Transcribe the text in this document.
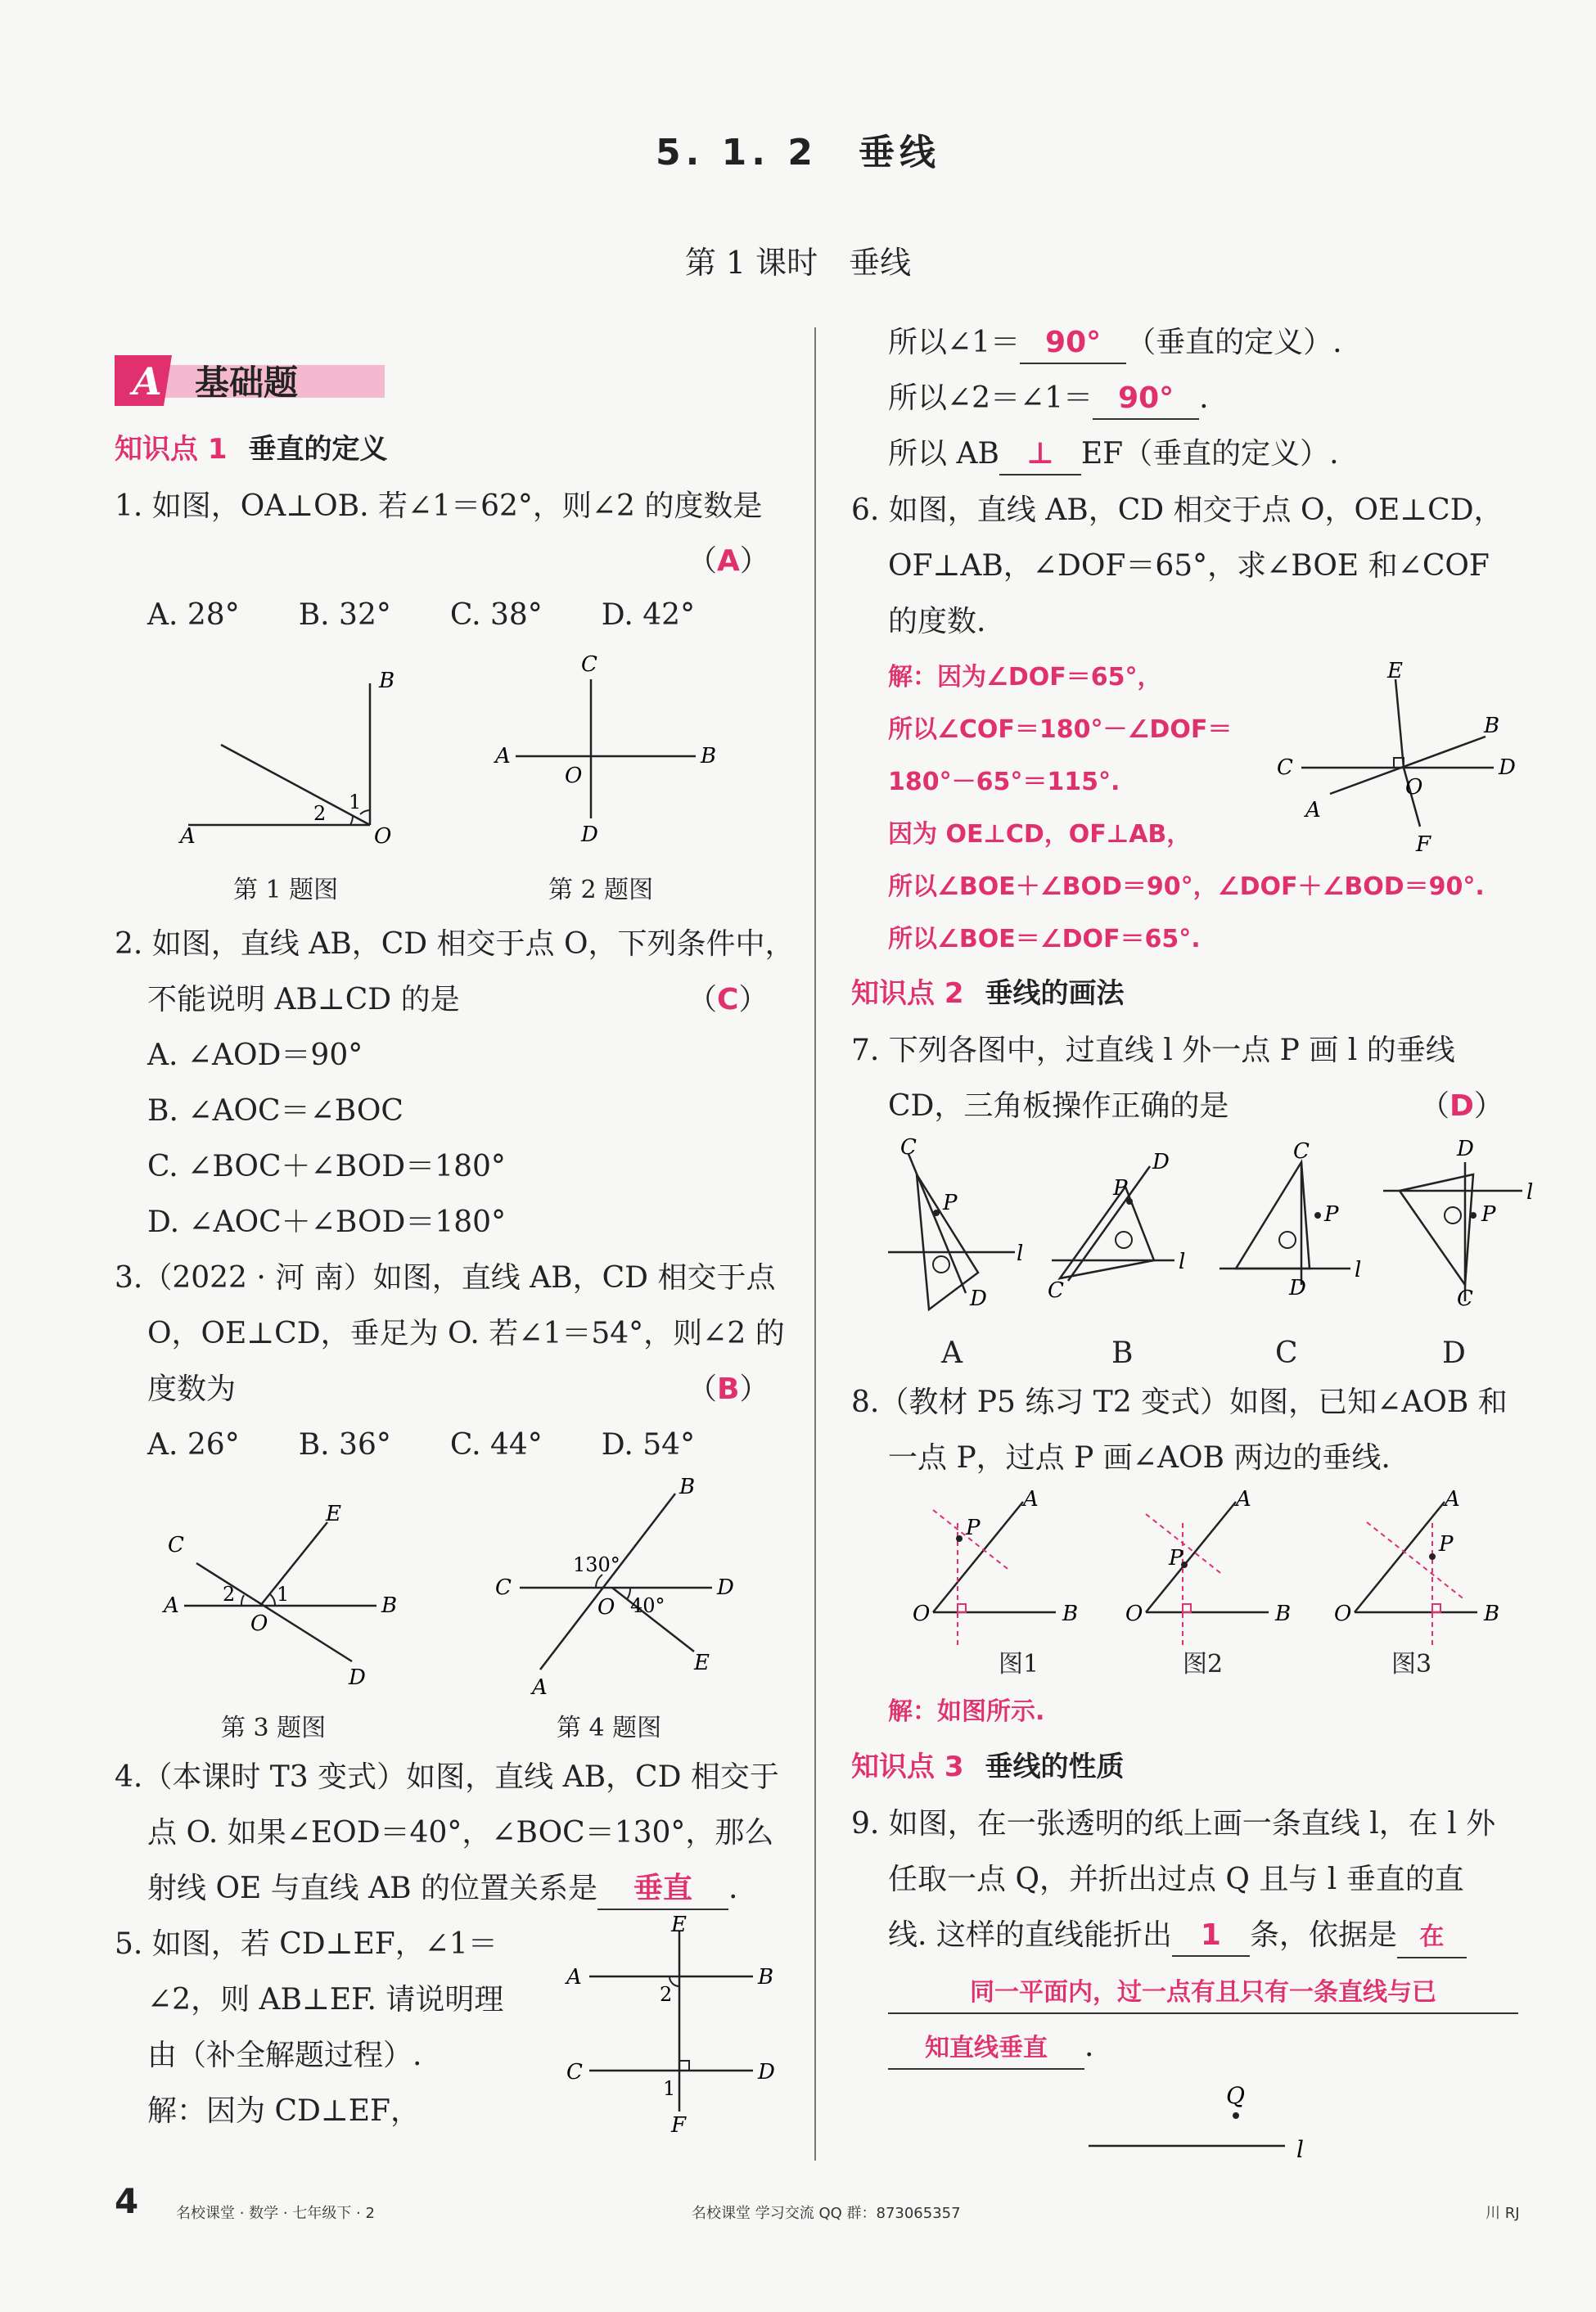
5. 1. 2　垂线
第 1 课时　垂线
A 基础题
知识点 1 垂直的定义
1. 如图，OA⊥OB. 若∠1＝62°，则∠2 的度数是
（A）
A. 28°　　B. 32°　　C. 38°　　D. 42°
B
A	O
1
2
第 1 题图
C
A	B
O
D
第 2 题图
2. 如图，直线 AB，CD 相交于点 O，下列条件中，
不能说明 AB⊥CD 的是	（C）
A. ∠AOD＝90°
B. ∠AOC＝∠BOC
C. ∠BOC＋∠BOD＝180°
D. ∠AOC＋∠BOD＝180°
3.（2022 · 河 南）如图，直线 AB，CD 相交于点
O，OE⊥CD，垂足为 O. 若∠1＝54°，则∠2 的
度数为	（B）
A. 26°　　B. 36°　　C. 44°　　D. 54°
C
E
A	B
O
D
2 1
第 3 题图
B
C	D
A
E
O
130°
40°
第 4 题图
4.（本课时 T3 变式）如图，直线 AB，CD 相交于
点 O. 如果∠EOD＝40°，∠BOC＝130°，那么
射线 OE 与直线 AB 的位置关系是 垂直 .
5. 如图，若 CD⊥EF，∠1＝
∠2，则 AB⊥EF. 请说明理
由（补全解题过程）.
解：因为 CD⊥EF，
E
A	B
C	D
F
2
1
所以∠1＝ 90° （垂直的定义）.
所以∠2＝∠1＝ 90° .
所以 AB ⊥ EF（垂直的定义）.
6. 如图，直线 AB，CD 相交于点 O，OE⊥CD，
OF⊥AB，∠DOF＝65°，求∠BOE 和∠COF
的度数.
解：因为∠DOF＝65°，
所以∠COF＝180°－∠DOF＝
180°－65°＝115°.
因为 OE⊥CD，OF⊥AB，
所以∠BOE＋∠BOD＝90°，∠DOF＋∠BOD＝90°.
所以∠BOE＝∠DOF＝65°.
E
B
C	D
A
O
F
知识点 2 垂线的画法
7. 下列各图中，过直线 l 外一点 P 画 l 的垂线
CD，三角板操作正确的是	（D）
C
P
l
D
P
D
C
l
C
P
D
l
D
P
l
C
A	B	C	D
8.（教材 P5 练习 T2 变式）如图，已知∠AOB 和
一点 P，过点 P 画∠AOB 两边的垂线.
O
P
A
B O
P
A
B O
P
A
B
图1	图2	图3
解：如图所示.
知识点 3 垂线的性质
9. 如图，在一张透明的纸上画一条直线 l，在 l 外
任取一点 Q，并折出过点 Q 且与 l 垂直的直
线. 这样的直线能折出 1 条，依据是 在
同一平面内，过一点有且只有一条直线与已
知直线垂直 .
Q
l
4	名校课堂 · 数学 · 七年级下 · 2	名校课堂 学习交流 QQ 群：873065357	川 RJ
